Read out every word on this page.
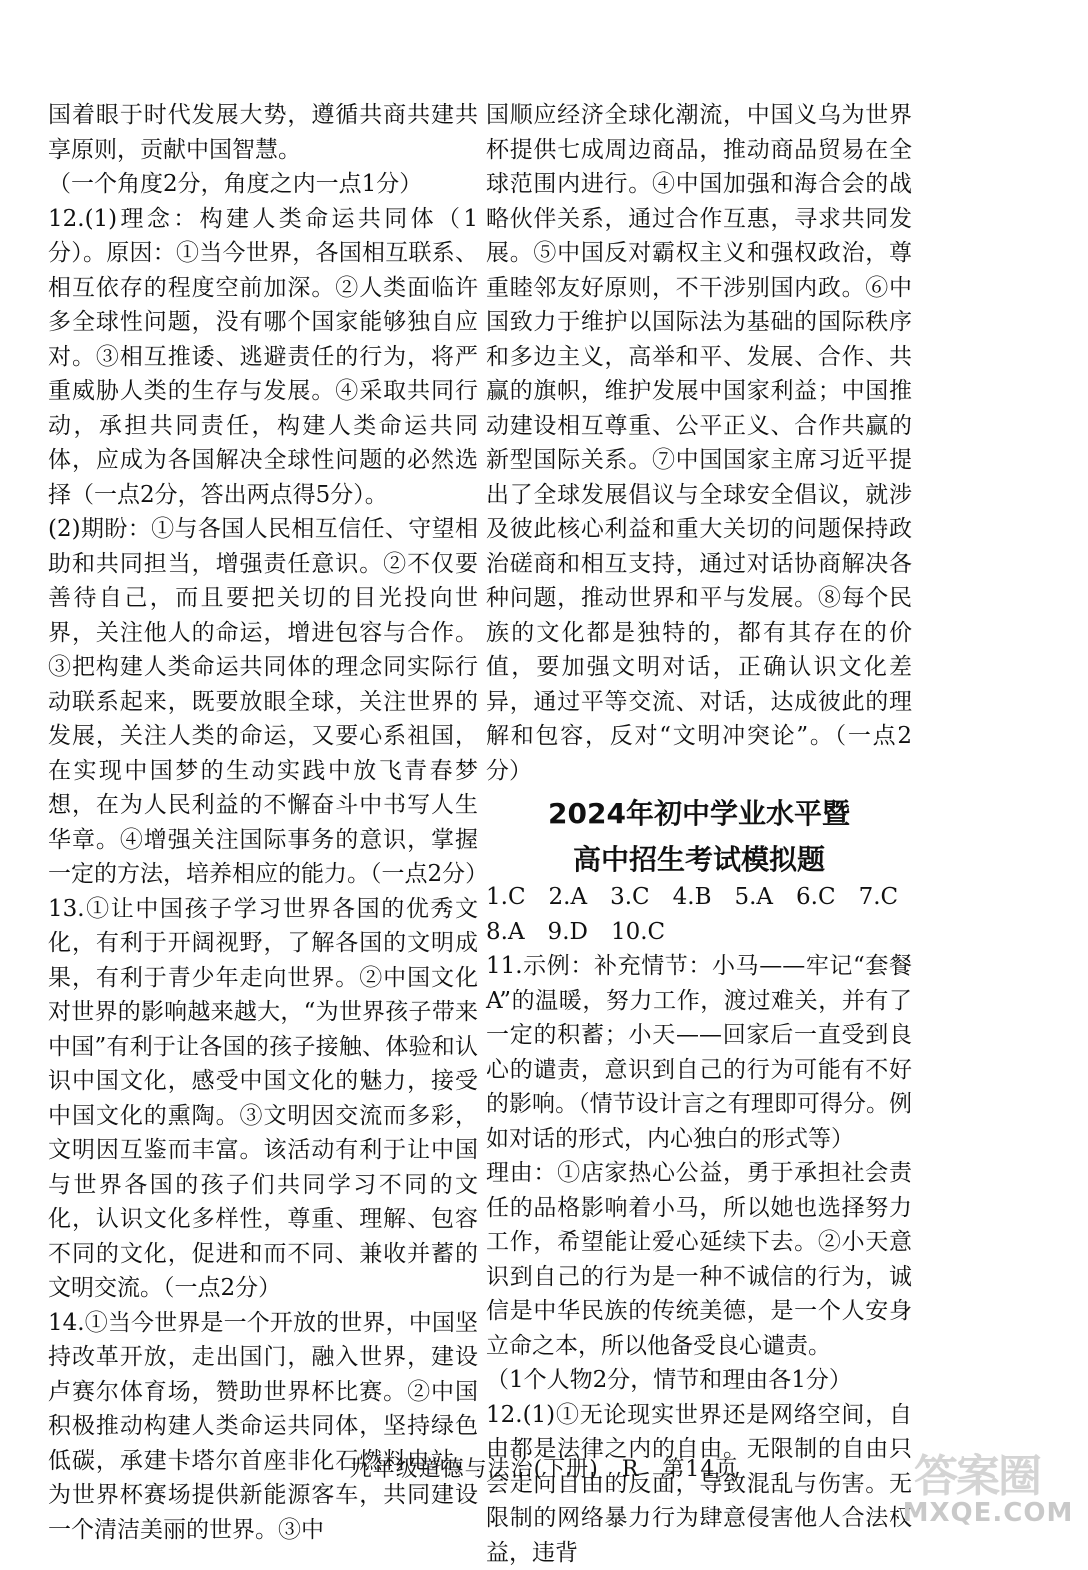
国着眼于时代发展大势，遵循共商共建共享原则，贡献中国智慧。

（一个角度2分，角度之内一点1分）

12.(1)理念：构建人类命运共同体（1分）。原因：①当今世界，各国相互联系、相互依存的程度空前加深。②人类面临许多全球性问题，没有哪个国家能够独自应对。③相互推诿、逃避责任的行为，将严重威胁人类的生存与发展。④采取共同行动，承担共同责任，构建人类命运共同体，应成为各国解决全球性问题的必然选择（一点2分，答出两点得5分）。

(2)期盼：①与各国人民相互信任、守望相助和共同担当，增强责任意识。②不仅要善待自己，而且要把关切的目光投向世界，关注他人的命运，增进包容与合作。③把构建人类命运共同体的理念同实际行动联系起来，既要放眼全球，关注世界的发展，关注人类的命运，又要心系祖国，在实现中国梦的生动实践中放飞青春梦想，在为人民利益的不懈奋斗中书写人生华章。④增强关注国际事务的意识，掌握一定的方法，培养相应的能力。（一点2分）

13.①让中国孩子学习世界各国的优秀文化，有利于开阔视野，了解各国的文明成果，有利于青少年走向世界。②中国文化对世界的影响越来越大，“为世界孩子带来中国”有利于让各国的孩子接触、体验和认识中国文化，感受中国文化的魅力，接受中国文化的熏陶。③文明因交流而多彩，文明因互鉴而丰富。该活动有利于让中国与世界各国的孩子们共同学习不同的文化，认识文化多样性，尊重、理解、包容不同的文化，促进和而不同、兼收并蓄的文明交流。（一点2分）

14.①当今世界是一个开放的世界，中国坚持改革开放，走出国门，融入世界，建设卢赛尔体育场，赞助世界杯比赛。②中国积极推动构建人类命运共同体，坚持绿色低碳，承建卡塔尔首座非化石燃料电站，为世界杯赛场提供新能源客车，共同建设一个清洁美丽的世界。③中

国顺应经济全球化潮流，中国义乌为世界杯提供七成周边商品，推动商品贸易在全球范围内进行。④中国加强和海合会的战略伙伴关系，通过合作互惠，寻求共同发展。⑤中国反对霸权主义和强权政治，尊重睦邻友好原则，不干涉别国内政。⑥中国致力于维护以国际法为基础的国际秩序和多边主义，高举和平、发展、合作、共赢的旗帜，维护发展中国家利益；中国推动建设相互尊重、公平正义、合作共赢的新型国际关系。⑦中国国家主席习近平提出了全球发展倡议与全球安全倡议，就涉及彼此核心利益和重大关切的问题保持政治磋商和相互支持，通过对话协商解决各种问题，推动世界和平与发展。⑧每个民族的文化都是独特的，都有其存在的价值，要加强文明对话，正确认识文化差异，通过平等交流、对话，达成彼此的理解和包容，反对“文明冲突论”。（一点2分）

2024年初中学业水平暨
高中招生考试模拟题

1.C　2.A　3.C　4.B　5.A　6.C　7.C

8.A　9.D　10.C

11.示例：补充情节：小马——牢记“套餐A”的温暖，努力工作，渡过难关，并有了一定的积蓄；小天——回家后一直受到良心的谴责，意识到自己的行为可能有不好的影响。（情节设计言之有理即可得分。例如对话的形式，内心独白的形式等）

理由：①店家热心公益，勇于承担社会责任的品格影响着小马，所以她也选择努力工作，希望能让爱心延续下去。②小天意识到自己的行为是一种不诚信的行为，诚信是中华民族的传统美德，是一个人安身立命之本，所以他备受良心谴责。

（1个人物2分，情节和理由各1分）

12.(1)①无论现实世界还是网络空间，自由都是法律之内的自由。无限制的自由只会走向自由的反面，导致混乱与伤害。无限制的网络暴力行为肆意侵害他人合法权益，违背

九年级道德与法治(下册)　R　第14页	答案圈
MXQE.COM
